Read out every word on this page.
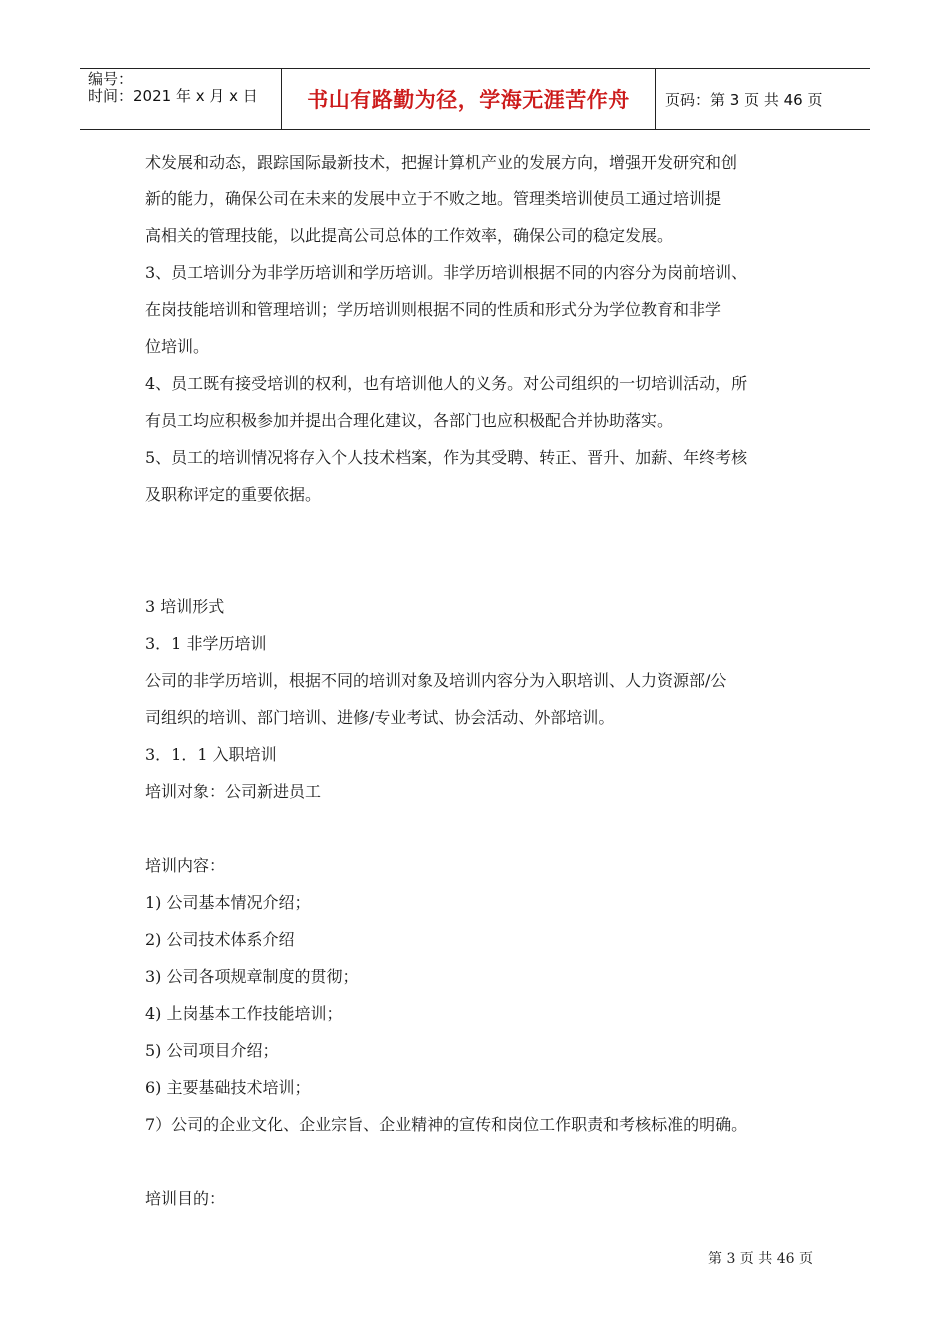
编号：
时间：2021 年 x 月 x 日	书山有路勤为径，学海无涯苦作舟	页码：第 3 页 共 46 页
术发展和动态，跟踪国际最新技术，把握计算机产业的发展方向，增强开发研究和创
新的能力，确保公司在未来的发展中立于不败之地。管理类培训使员工通过培训提
高相关的管理技能，以此提高公司总体的工作效率，确保公司的稳定发展。
3、员工培训分为非学历培训和学历培训。非学历培训根据不同的内容分为岗前培训、
在岗技能培训和管理培训；学历培训则根据不同的性质和形式分为学位教育和非学
位培训。
4、员工既有接受培训的权利，也有培训他人的义务。对公司组织的一切培训活动，所
有员工均应积极参加并提出合理化建议，各部门也应积极配合并协助落实。
5、员工的培训情况将存入个人技术档案，作为其受聘、转正、晋升、加薪、年终考核
及职称评定的重要依据。
3 培训形式
3．1 非学历培训
公司的非学历培训，根据不同的培训对象及培训内容分为入职培训、人力资源部/公
司组织的培训、部门培训、进修/专业考试、协会活动、外部培训。
3．1．1 入职培训
培训对象：公司新进员工
培训内容：
1) 公司基本情况介绍；
2) 公司技术体系介绍
3) 公司各项规章制度的贯彻；
4) 上岗基本工作技能培训；
5) 公司项目介绍；
6) 主要基础技术培训；
7）公司的企业文化、企业宗旨、企业精神的宣传和岗位工作职责和考核标准的明确。
培训目的：
第 3 页 共 46 页
